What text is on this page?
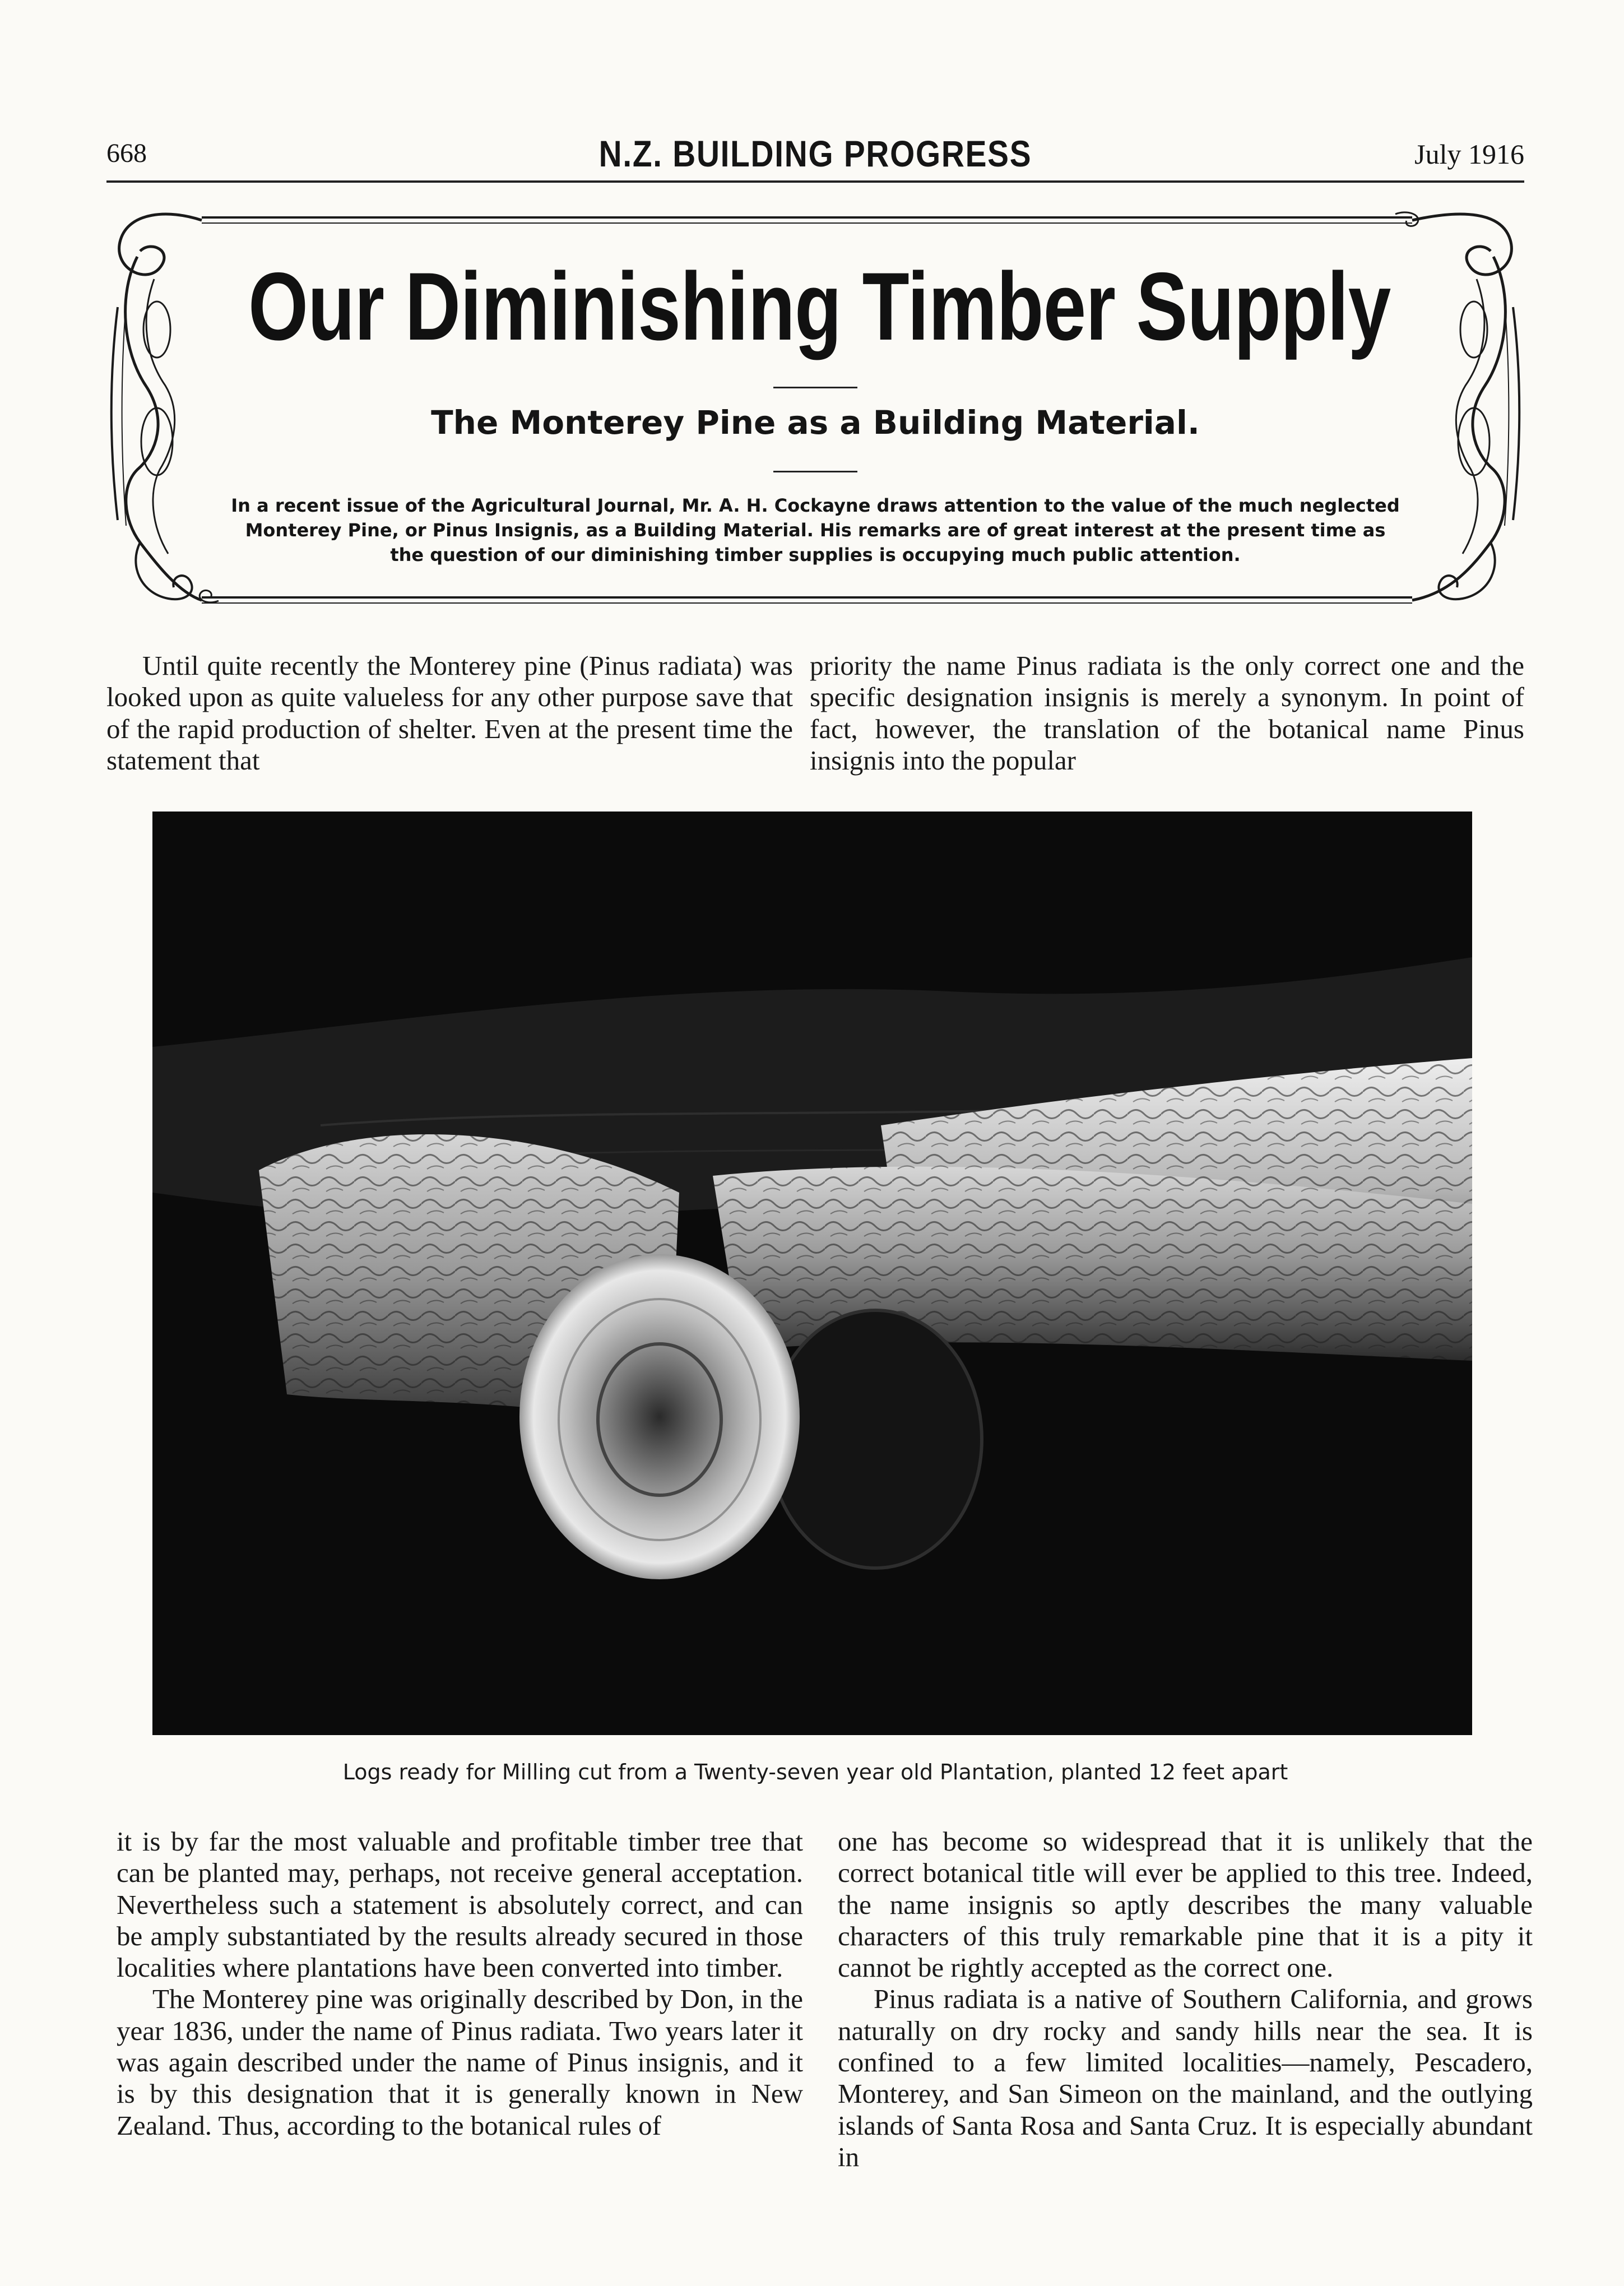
668	N.Z. BUILDING PROGRESS	July 1916
Our Diminishing Timber Supply
The Monterey Pine as a Building Material.
In a recent issue of the Agricultural Journal, Mr. A. H. Cockayne draws attention to the value of the much neglected Monterey Pine, or Pinus Insignis, as a Building Material. His remarks are of great interest at the present time as the question of our diminishing timber supplies is occupying much public attention.

Until quite recently the Monterey pine (Pinus radiata) was looked upon as quite valueless for any other purpose save that of the rapid production of shelter. Even at the present time the statement that

priority the name Pinus radiata is the only correct one and the specific designation insignis is merely a synonym. In point of fact, however, the translation of the botanical name Pinus insignis into the popular

Logs ready for Milling cut from a Twenty-seven year old Plantation, planted 12 feet apart

it is by far the most valuable and profitable timber tree that can be planted may, perhaps, not receive general acceptation. Nevertheless such a statement is absolutely correct, and can be amply substantiated by the results already secured in those localities where plantations have been converted into timber.

The Monterey pine was originally described by Don, in the year 1836, under the name of Pinus radiata. Two years later it was again described under the name of Pinus insignis, and it is by this designation that it is generally known in New Zealand. Thus, according to the botanical rules of

one has become so widespread that it is unlikely that the correct botanical title will ever be applied to this tree. Indeed, the name insignis so aptly describes the many valuable characters of this truly remarkable pine that it is a pity it cannot be rightly accepted as the correct one.

Pinus radiata is a native of Southern California, and grows naturally on dry rocky and sandy hills near the sea. It is confined to a few limited localities—namely, Pescadero, Monterey, and San Simeon on the mainland, and the outlying islands of Santa Rosa and Santa Cruz. It is especially abundant in
